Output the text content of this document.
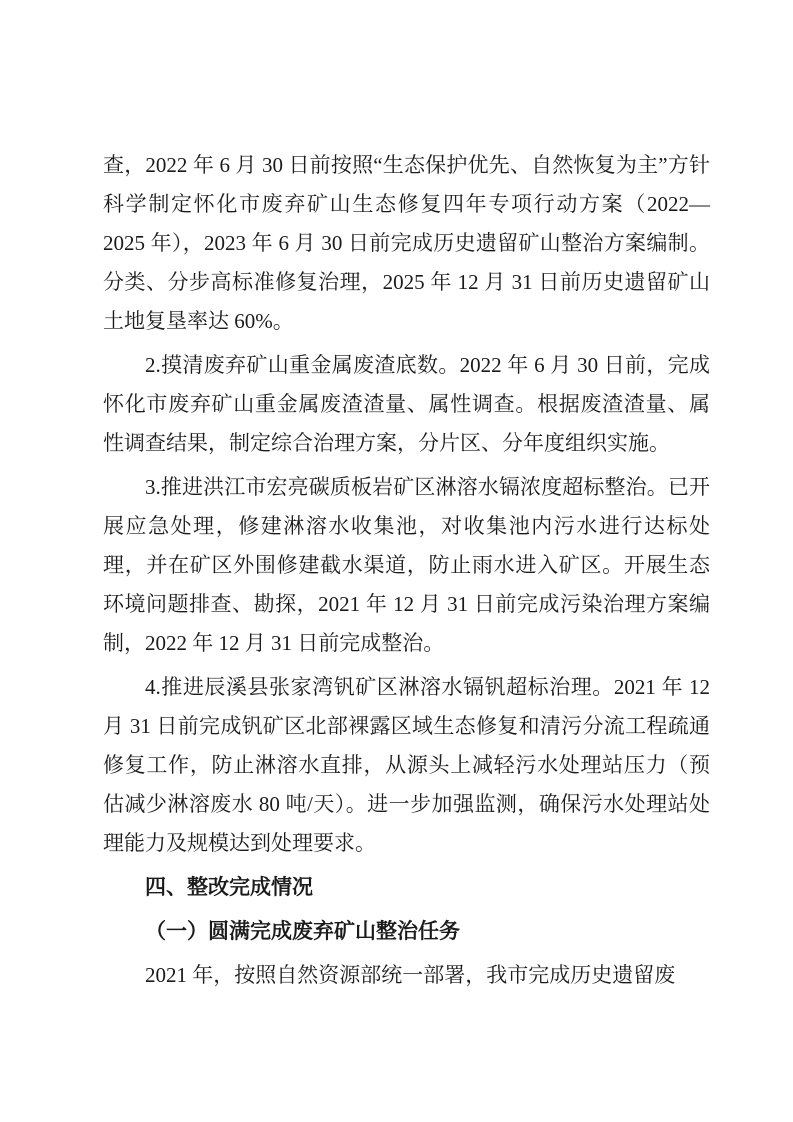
查，2022 年 6 月 30 日前按照“生态保护优先、自然恢复为主”方针科学制定怀化市废弃矿山生态修复四年专项行动方案（2022—2025 年），2023 年 6 月 30 日前完成历史遗留矿山整治方案编制。分类、分步高标准修复治理，2025 年 12 月 31 日前历史遗留矿山土地复垦率达 60%。

2.摸清废弃矿山重金属废渣底数。2022 年 6 月 30 日前，完成怀化市废弃矿山重金属废渣渣量、属性调查。根据废渣渣量、属性调查结果，制定综合治理方案，分片区、分年度组织实施。

3.推进洪江市宏亮碳质板岩矿区淋溶水镉浓度超标整治。已开展应急处理，修建淋溶水收集池，对收集池内污水进行达标处理，并在矿区外围修建截水渠道，防止雨水进入矿区。开展生态环境问题排查、勘探，2021 年 12 月 31 日前完成污染治理方案编制，2022 年 12 月 31 日前完成整治。

4.推进辰溪县张家湾钒矿区淋溶水镉钒超标治理。2021 年 12 月 31 日前完成钒矿区北部裸露区域生态修复和清污分流工程疏通修复工作，防止淋溶水直排，从源头上减轻污水处理站压力（预估减少淋溶废水 80 吨/天）。进一步加强监测，确保污水处理站处理能力及规模达到处理要求。

四、整改完成情况

（一）圆满完成废弃矿山整治任务

2021 年，按照自然资源部统一部署，我市完成历史遗留废
